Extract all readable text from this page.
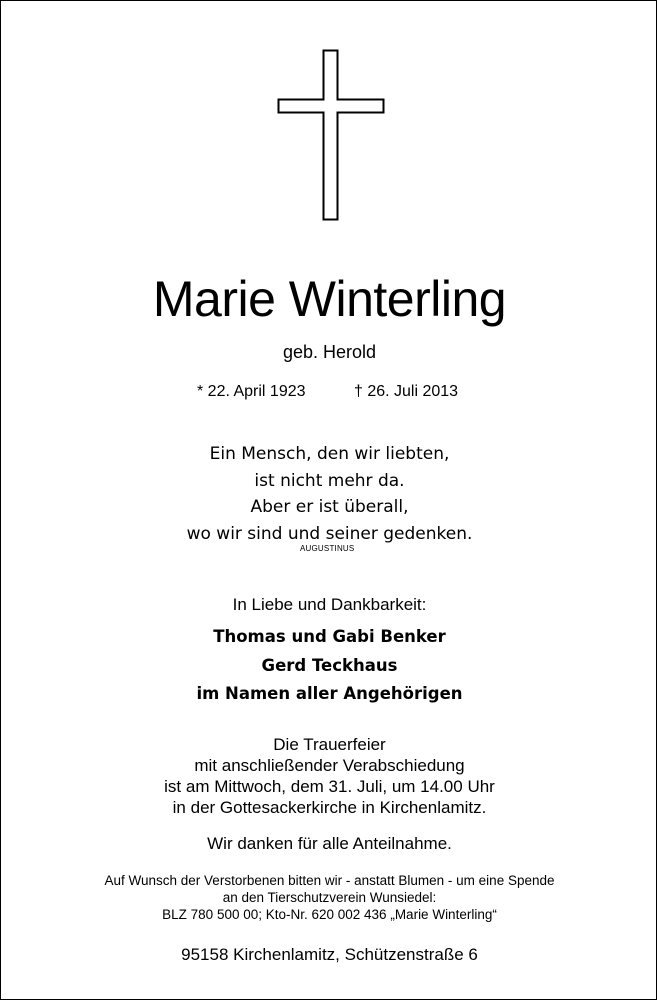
Marie Winterling
geb. Herold
* 22. April 1923	† 26. Juli 2013
Ein Mensch, den wir liebten,
ist nicht mehr da.
Aber er ist überall,
wo wir sind und seiner gedenken.
AUGUSTINUS
In Liebe und Dankbarkeit:
Thomas und Gabi Benker
Gerd Teckhaus
im Namen aller Angehörigen
Die Trauerfeier
mit anschließender Verabschiedung
ist am Mittwoch, dem 31. Juli, um 14.00 Uhr
in der Gottesackerkirche in Kirchenlamitz.
Wir danken für alle Anteilnahme.
Auf Wunsch der Verstorbenen bitten wir - anstatt Blumen - um eine Spende
an den Tierschutzverein Wunsiedel:
BLZ 780 500 00; Kto-Nr. 620 002 436 „Marie Winterling“
95158 Kirchenlamitz, Schützenstraße 6
